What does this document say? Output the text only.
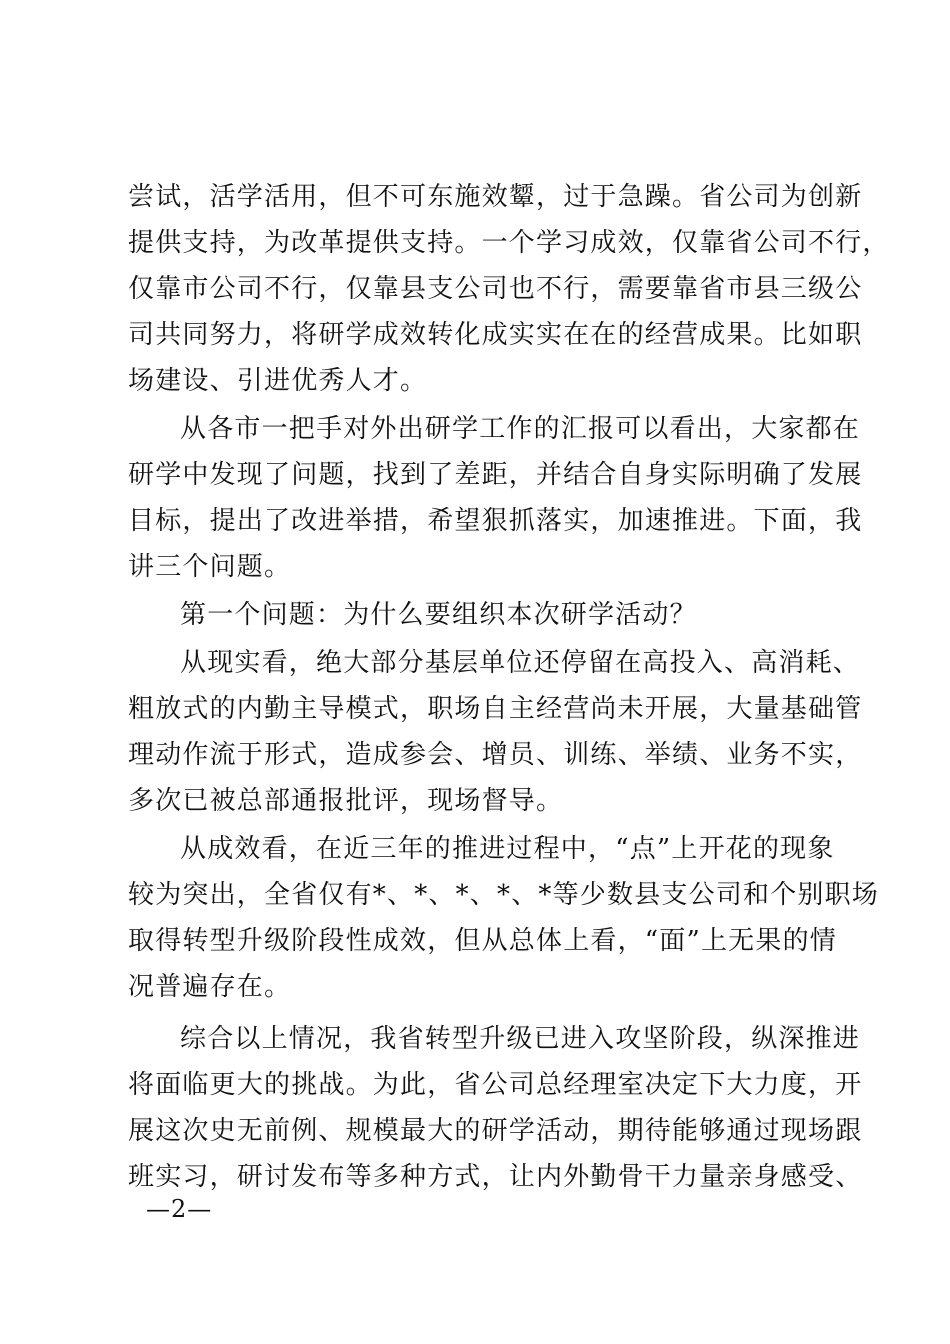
尝试，活学活用，但不可东施效颦，过于急躁。省公司为创新
提供支持，为改革提供支持。一个学习成效，仅靠省公司不行，
仅靠市公司不行，仅靠县支公司也不行，需要靠省市县三级公
司共同努力，将研学成效转化成实实在在的经营成果。比如职
场建设、引进优秀人才。
从各市一把手对外出研学工作的汇报可以看出，大家都在
研学中发现了问题，找到了差距，并结合自身实际明确了发展
目标，提出了改进举措，希望狠抓落实，加速推进。下面，我
讲三个问题。
第一个问题：为什么要组织本次研学活动？
从现实看，绝大部分基层单位还停留在高投入、高消耗、
粗放式的内勤主导模式，职场自主经营尚未开展，大量基础管
理动作流于形式，造成参会、增员、训练、举绩、业务不实，
多次已被总部通报批评，现场督导。
从成效看，在近三年的推进过程中，“点”上开花的现象
较为突出，全省仅有*、*、*、*、*等少数县支公司和个别职场
取得转型升级阶段性成效，但从总体上看，“面”上无果的情
况普遍存在。
综合以上情况，我省转型升级已进入攻坚阶段，纵深推进
将面临更大的挑战。为此，省公司总经理室决定下大力度，开
展这次史无前例、规模最大的研学活动，期待能够通过现场跟
班实习，研讨发布等多种方式，让内外勤骨干力量亲身感受、
—2—
